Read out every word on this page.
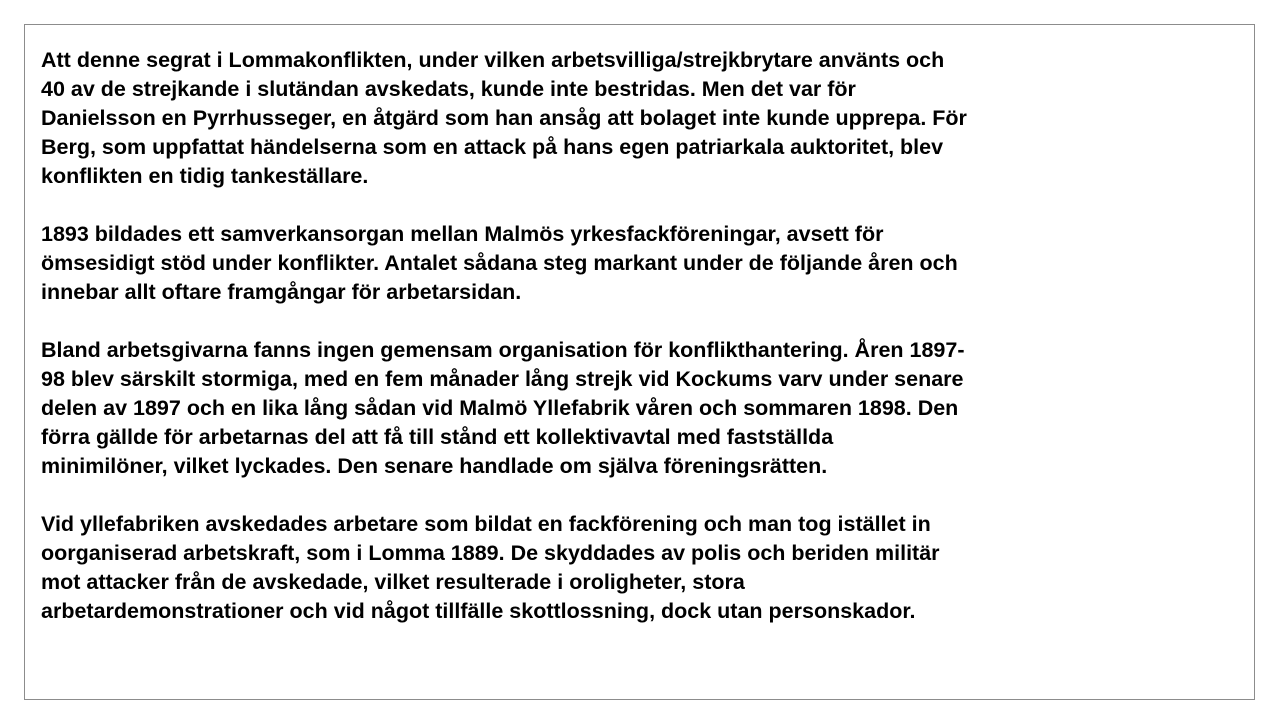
Att denne segrat i Lommakonflikten, under vilken arbetsvilliga/strejkbrytare använts och
40 av de strejkande i slutändan avskedats, kunde inte bestridas. Men det var för
Danielsson en Pyrrhusseger, en åtgärd som han ansåg att bolaget inte kunde upprepa. För
Berg, som uppfattat händelserna som en attack på hans egen patriarkala auktoritet, blev
konflikten en tidig tankeställare.

1893 bildades ett samverkansorgan mellan Malmös yrkesfackföreningar, avsett för
ömsesidigt stöd under konflikter. Antalet sådana steg markant under de följande åren och
innebar allt oftare framgångar för arbetarsidan.

Bland arbetsgivarna fanns ingen gemensam organisation för konflikthantering. Åren 1897-
98 blev särskilt stormiga, med en fem månader lång strejk vid Kockums varv under senare
delen av 1897 och en lika lång sådan vid Malmö Yllefabrik våren och sommaren 1898. Den
förra gällde för arbetarnas del att få till stånd ett kollektivavtal med fastställda
minimilöner, vilket lyckades. Den senare handlade om själva föreningsrätten.

Vid yllefabriken avskedades arbetare som bildat en fackförening och man tog istället in
oorganiserad arbetskraft, som i Lomma 1889. De skyddades av polis och beriden militär
mot attacker från de avskedade, vilket resulterade i oroligheter, stora
arbetardemonstrationer och vid något tillfälle skottlossning, dock utan personskador.
